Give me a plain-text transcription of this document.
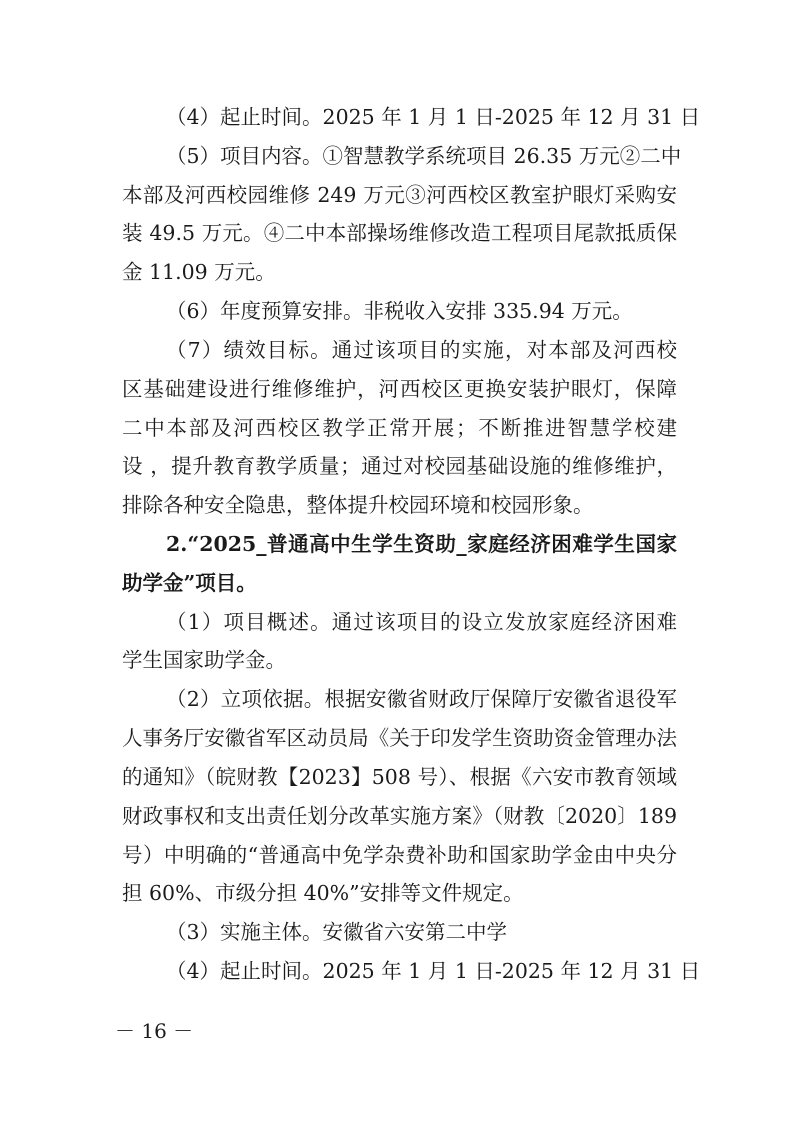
（4）起止时间。2025 年 1 月 1 日-2025 年 12 月 31 日
（5）项目内容。①智慧教学系统项目 26.35 万元②二中
本部及河西校园维修 249 万元③河西校区教室护眼灯采购安
装 49.5 万元。④二中本部操场维修改造工程项目尾款抵质保
金 11.09 万元。
（6）年度预算安排。非税收入安排 335.94 万元。
（7）绩效目标。通过该项目的实施，对本部及河西校
区基础建设进行维修维护，河西校区更换安装护眼灯，保障
二中本部及河西校区教学正常开展；不断推进智慧学校建
设 ，提升教育教学质量；通过对校园基础设施的维修维护，
排除各种安全隐患，整体提升校园环境和校园形象。
2.“2025_普通高中生学生资助_家庭经济困难学生国家
助学金”项目。
（1）项目概述。通过该项目的设立发放家庭经济困难
学生国家助学金。
（2）立项依据。根据安徽省财政厅保障厅安徽省退役军
人事务厅安徽省军区动员局《关于印发学生资助资金管理办法
的通知》（皖财教【2023】508 号）、根据《六安市教育领域
财政事权和支出责任划分改革实施方案》（财教〔2020〕189
号）中明确的“普通高中免学杂费补助和国家助学金由中央分
担 60%、市级分担 40%”安排等文件规定。
（3）实施主体。安徽省六安第二中学
（4）起止时间。2025 年 1 月 1 日-2025 年 12 月 31 日
－ 16 －
